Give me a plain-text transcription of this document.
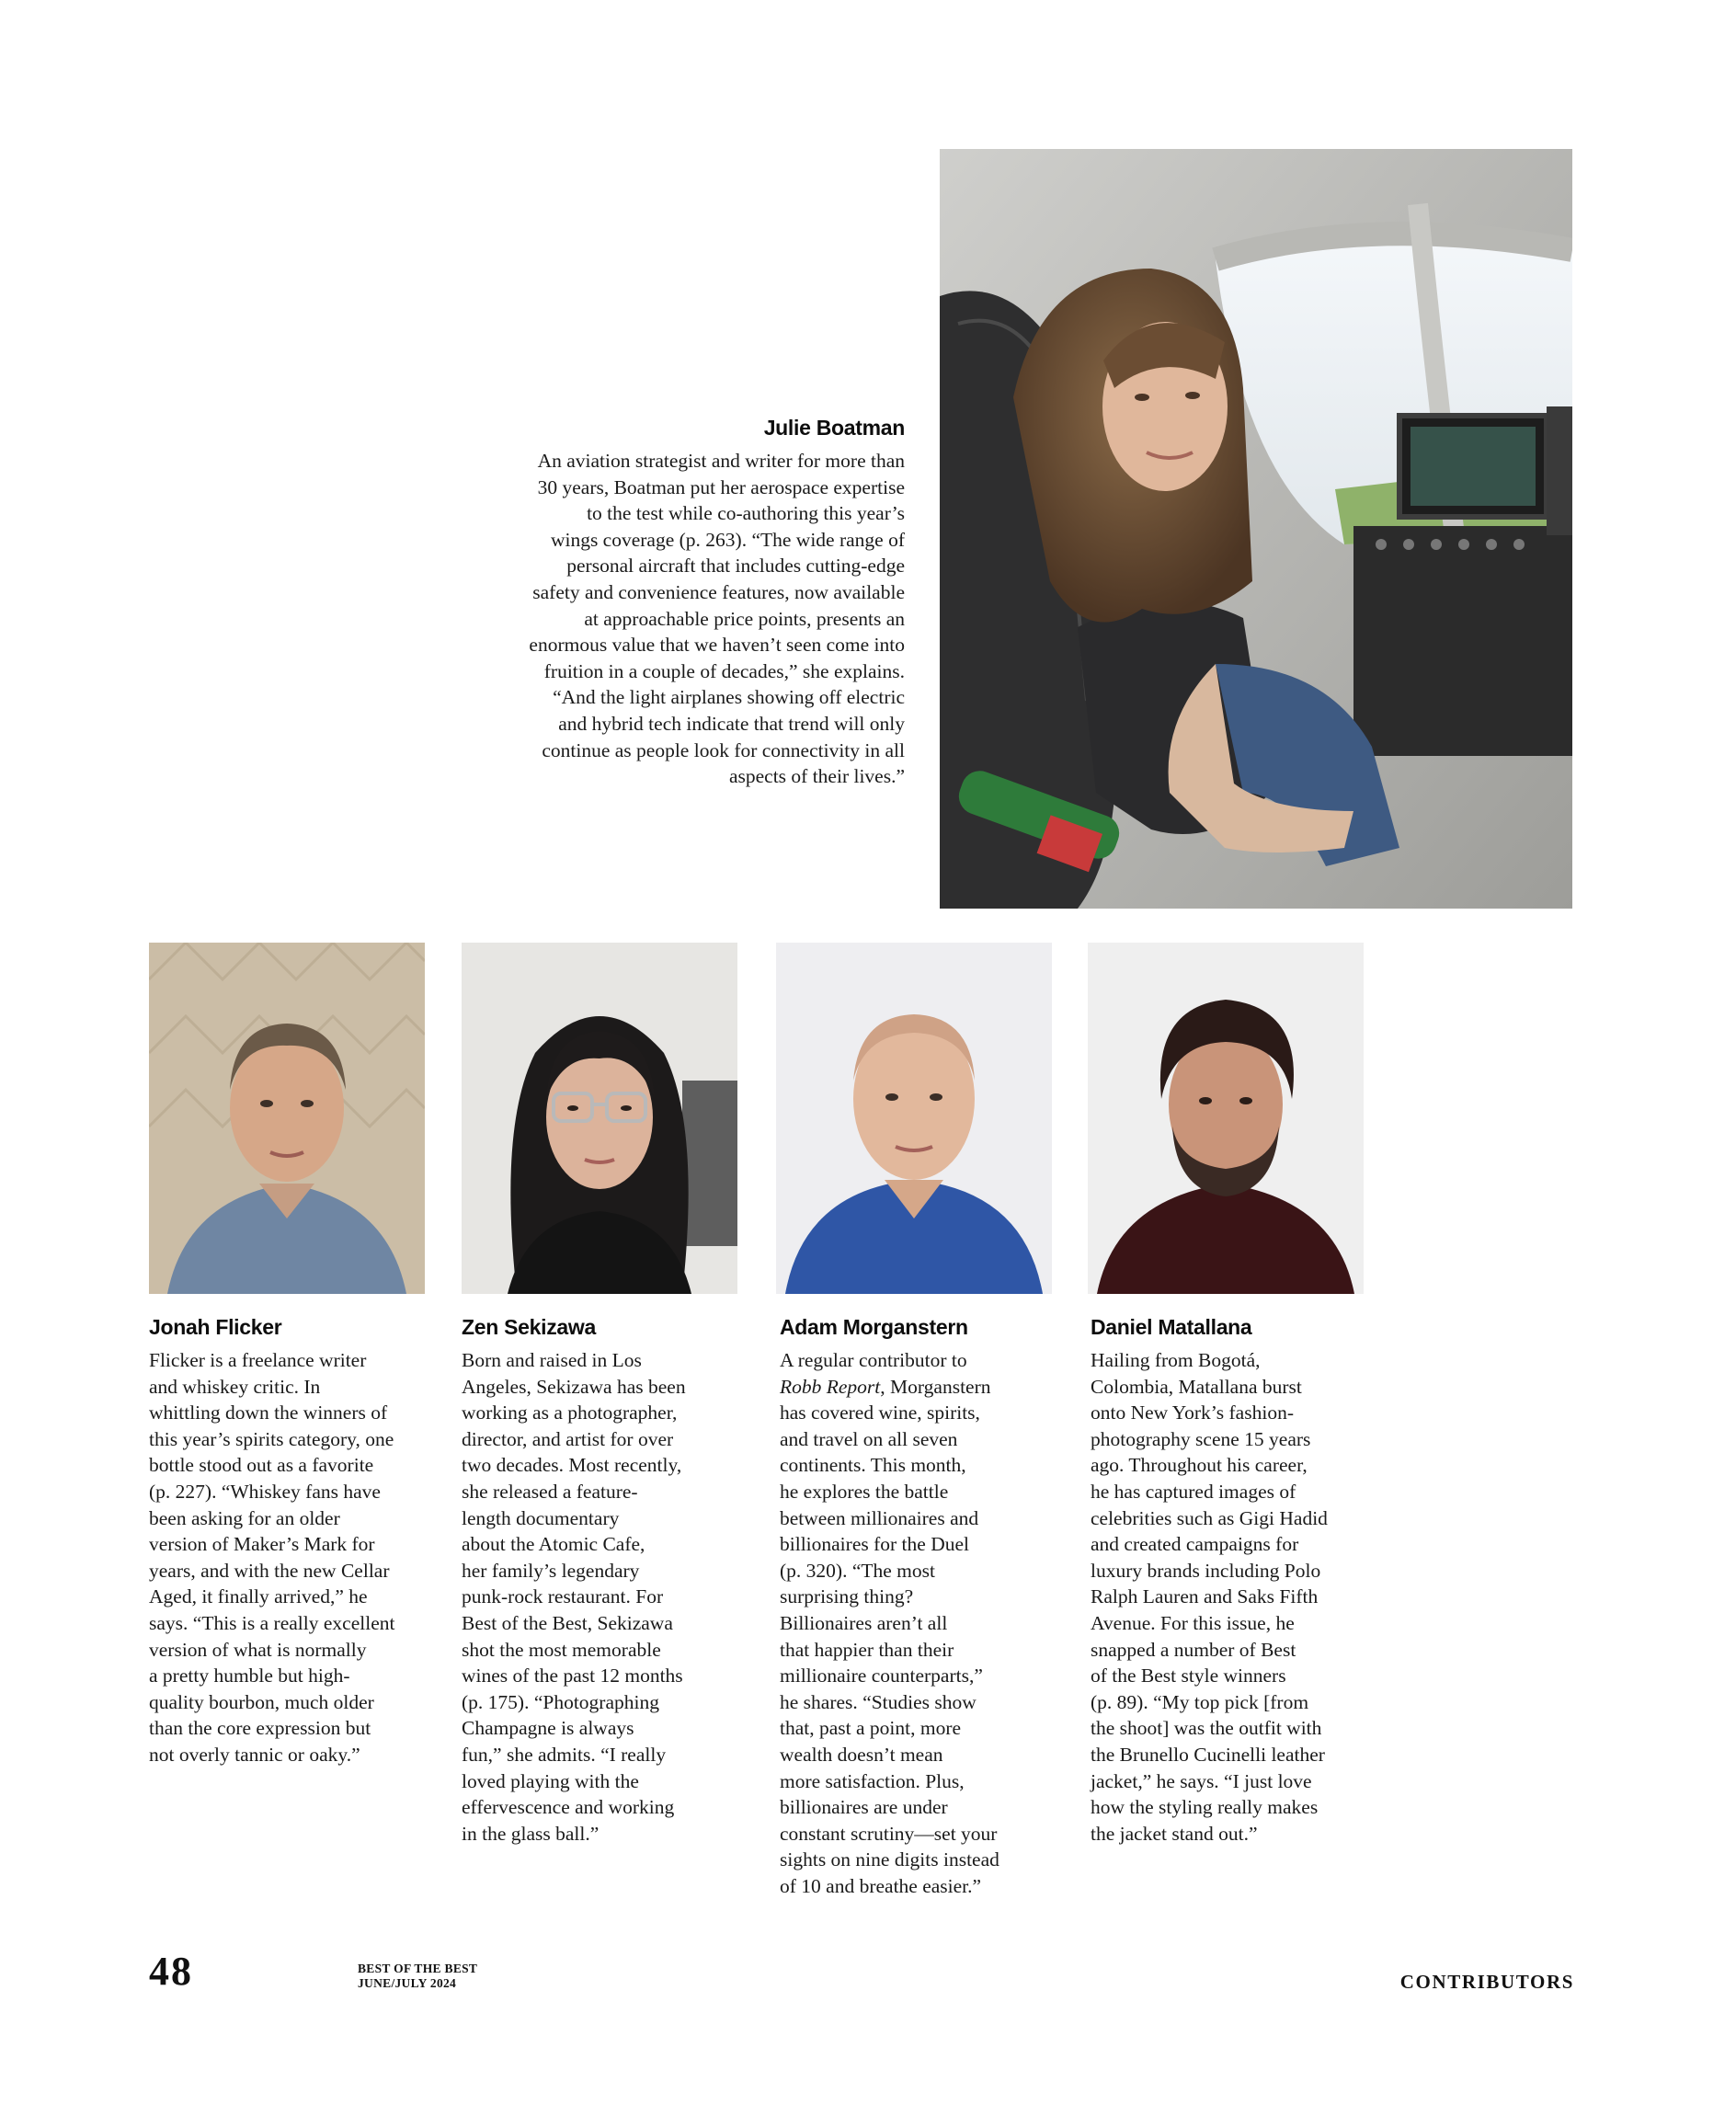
Julie Boatman
An aviation strategist and writer for more than
30 years, Boatman put her aerospace expertise
to the test while co-authoring this year’s
wings coverage (p. 263). “The wide range of
personal aircraft that includes cutting-edge
safety and convenience features, now available
at approachable price points, presents an
enormous value that we haven’t seen come into
fruition in a couple of decades,” she explains.
“And the light airplanes showing off electric
and hybrid tech indicate that trend will only
continue as people look for connectivity in all
aspects of their lives.”
Jonah Flicker
Flicker is a freelance writer
and whiskey critic. In
whittling down the winners of
this year’s spirits category, one
bottle stood out as a favorite
(p. 227). “Whiskey fans have
been asking for an older
version of Maker’s Mark for
years, and with the new Cellar
Aged, it finally arrived,” he
says. “This is a really excellent
version of what is normally
a pretty humble but high-
quality bourbon, much older
than the core expression but
not overly tannic or oaky.”
Zen Sekizawa
Born and raised in Los
Angeles, Sekizawa has been
working as a photographer,
director, and artist for over
two decades. Most recently,
she released a feature-
length documentary
about the Atomic Cafe,
her family’s legendary
punk-rock restaurant. For
Best of the Best, Sekizawa
shot the most memorable
wines of the past 12 months
(p. 175). “Photographing
Champagne is always
fun,” she admits. “I really
loved playing with the
effervescence and working
in the glass ball.”
Adam Morganstern
A regular contributor to
Robb Report, Morganstern
has covered wine, spirits,
and travel on all seven
continents. This month,
he explores the battle
between millionaires and
billionaires for the Duel
(p. 320). “The most
surprising thing?
Billionaires aren’t all
that happier than their
millionaire counterparts,”
he shares. “Studies show
that, past a point, more
wealth doesn’t mean
more satisfaction. Plus,
billionaires are under
constant scrutiny—set your
sights on nine digits instead
of 10 and breathe easier.”
Daniel Matallana
Hailing from Bogotá,
Colombia, Matallana burst
onto New York’s fashion-
photography scene 15 years
ago. Throughout his career,
he has captured images of
celebrities such as Gigi Hadid
and created campaigns for
luxury brands including Polo
Ralph Lauren and Saks Fifth
Avenue. For this issue, he
snapped a number of Best
of the Best style winners
(p. 89). “My top pick [from
the shoot] was the outfit with
the Brunello Cucinelli leather
jacket,” he says. “I just love
how the styling really makes
the jacket stand out.”
48	BEST OF THE BEST
JUNE/JULY 2024	CONTRIBUTORS
